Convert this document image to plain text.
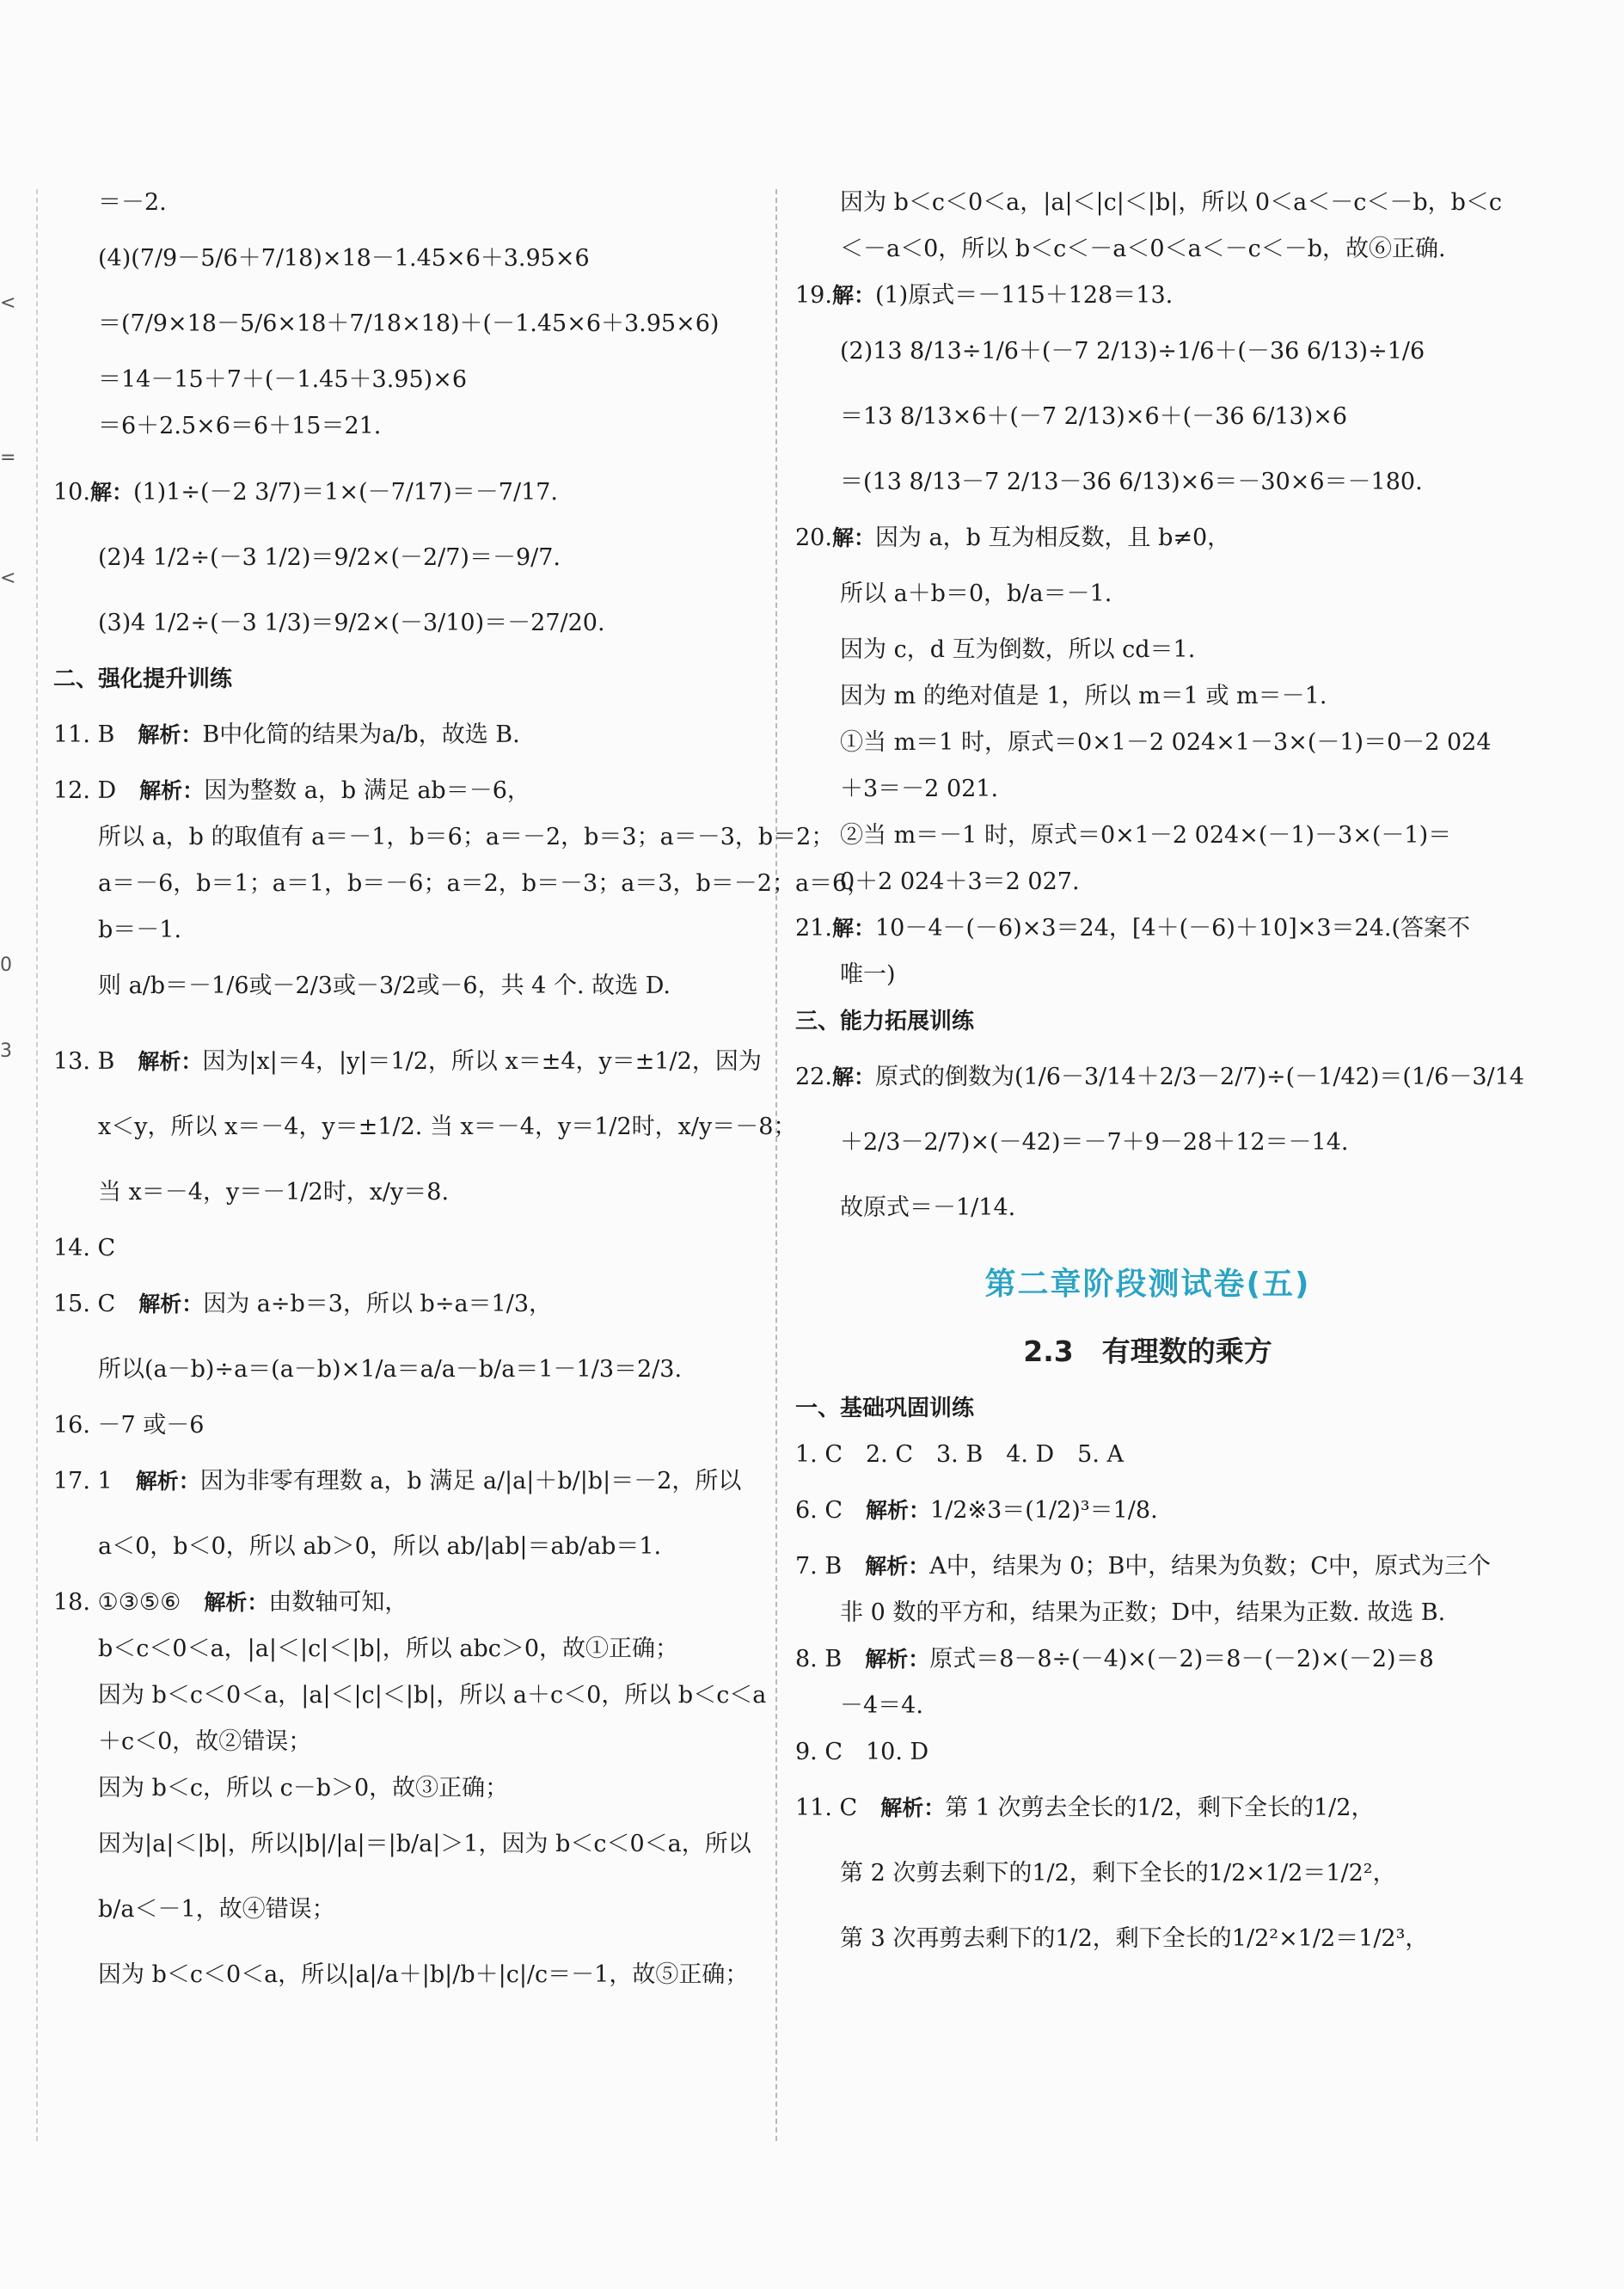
<
=
<
0
3
＝－2.
(4)(7/9－5/6＋7/18)×18－1.45×6＋3.95×6
＝(7/9×18－5/6×18＋7/18×18)＋(－1.45×6＋3.95×6)
＝14－15＋7＋(－1.45＋3.95)×6
＝6＋2.5×6＝6＋15＝21.
10.解：(1)1÷(－2 3/7)＝1×(－7/17)＝－7/17.
(2)4 1/2÷(－3 1/2)＝9/2×(－2/7)＝－9/7.
(3)4 1/2÷(－3 1/3)＝9/2×(－3/10)＝－27/20.
二、强化提升训练
11. B　 解析：B中化简的结果为a/b，故选 B.
12. D　 解析：因为整数 a，b 满足 ab＝－6，
所以 a，b 的取值有 a＝－1，b＝6；a＝－2，b＝3；a＝－3，b＝2；
a＝－6，b＝1；a＝1，b＝－6；a＝2，b＝－3；a＝3，b＝－2；a＝6，
b＝－1.
则 a/b＝－1/6或－2/3或－3/2或－6，共 4 个. 故选 D.
13. B　 解析：因为|x|＝4，|y|＝1/2，所以 x＝±4，y＝±1/2，因为
x＜y，所以 x＝－4，y＝±1/2. 当 x＝－4，y＝1/2时，x/y＝－8；
当 x＝－4，y＝－1/2时，x/y＝8.
14. C
15. C　 解析：因为 a÷b＝3，所以 b÷a＝1/3，
所以(a－b)÷a＝(a－b)×1/a＝a/a－b/a＝1－1/3＝2/3.
16. －7 或－6
17. 1　 解析：因为非零有理数 a，b 满足 a/|a|＋b/|b|＝－2，所以
a＜0，b＜0，所以 ab＞0，所以 ab/|ab|＝ab/ab＝1.
18. ①③⑤⑥　 解析：由数轴可知，
b＜c＜0＜a，|a|＜|c|＜|b|，所以 abc＞0，故①正确；
因为 b＜c＜0＜a，|a|＜|c|＜|b|，所以 a＋c＜0，所以 b＜c＜a
＋c＜0，故②错误；
因为 b＜c，所以 c－b＞0，故③正确；
因为|a|＜|b|，所以|b|/|a|＝|b/a|＞1，因为 b＜c＜0＜a，所以
b/a＜－1，故④错误；
因为 b＜c＜0＜a，所以|a|/a＋|b|/b＋|c|/c＝－1，故⑤正确；
因为 b＜c＜0＜a，|a|＜|c|＜|b|，所以 0＜a＜－c＜－b，b＜c
＜－a＜0，所以 b＜c＜－a＜0＜a＜－c＜－b，故⑥正确.
19.解：(1)原式＝－115＋128＝13.
(2)13 8/13÷1/6＋(－7 2/13)÷1/6＋(－36 6/13)÷1/6
＝13 8/13×6＋(－7 2/13)×6＋(－36 6/13)×6
＝(13 8/13－7 2/13－36 6/13)×6＝－30×6＝－180.
20.解：因为 a，b 互为相反数，且 b≠0，
所以 a＋b＝0，b/a＝－1.
因为 c，d 互为倒数，所以 cd＝1.
因为 m 的绝对值是 1，所以 m＝1 或 m＝－1.
①当 m＝1 时，原式＝0×1－2 024×1－3×(－1)＝0－2 024
＋3＝－2 021.
②当 m＝－1 时，原式＝0×1－2 024×(－1)－3×(－1)＝
0＋2 024＋3＝2 027.
21.解：10－4－(－6)×3＝24，[4＋(－6)＋10]×3＝24.(答案不
唯一)
三、能力拓展训练
22.解：原式的倒数为(1/6－3/14＋2/3－2/7)÷(－1/42)＝(1/6－3/14
＋2/3－2/7)×(－42)＝－7＋9－28＋12＝－14.
故原式＝－1/14.
第二章阶段测试卷(五)
2.3　有理数的乘方
一、基础巩固训练
1. C　2. C　3. B　4. D　5. A
6. C　 解析：1/2※3＝(1/2)³＝1/8.
7. B　 解析：A中，结果为 0；B中，结果为负数；C中，原式为三个
非 0 数的平方和，结果为正数；D中，结果为正数. 故选 B.
8. B　 解析：原式＝8－8÷(－4)×(－2)＝8－(－2)×(－2)＝8
－4＝4.
9. C　10. D
11. C　 解析：第 1 次剪去全长的1/2，剩下全长的1/2，
第 2 次剪去剩下的1/2，剩下全长的1/2×1/2＝1/2²，
第 3 次再剪去剩下的1/2，剩下全长的1/2²×1/2＝1/2³，
